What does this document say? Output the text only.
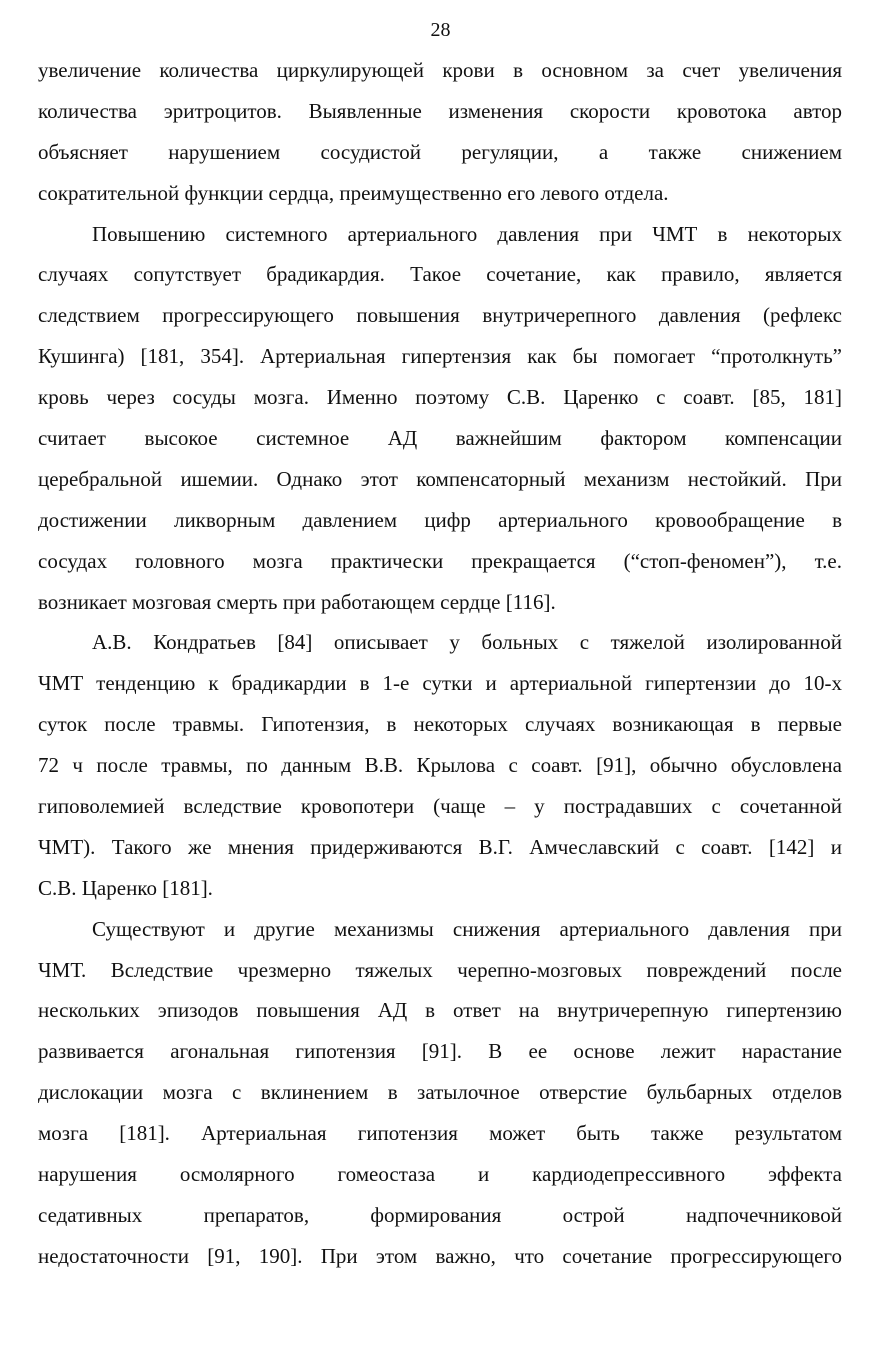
28

увеличение количества циркулирующей крови в основном за счет увеличения
количества эритроцитов. Выявленные изменения скорости кровотока автор
объясняет нарушением сосудистой регуляции, а также снижением
сократительной функции сердца, преимущественно его левого отдела.

Повышению системного артериального давления при ЧМТ в некоторых
случаях сопутствует брадикардия. Такое сочетание, как правило, является
следствием прогрессирующего повышения внутричерепного давления (рефлекс
Кушинга) [181, 354]. Артериальная гипертензия как бы помогает “протолкнуть”
кровь через сосуды мозга. Именно поэтому С.В. Царенко с соавт. [85, 181]
считает высокое системное АД важнейшим фактором компенсации
церебральной ишемии. Однако этот компенсаторный механизм нестойкий. При
достижении ликворным давлением цифр артериального кровообращение в
сосудах головного мозга практически прекращается (“стоп-феномен”), т.е.
возникает мозговая смерть при работающем сердце [116].

А.В. Кондратьев [84] описывает у больных с тяжелой изолированной
ЧМТ тенденцию к брадикардии в 1-е сутки и артериальной гипертензии до 10-х
суток после травмы. Гипотензия, в некоторых случаях возникающая в первые
72 ч после травмы, по данным В.В. Крылова с соавт. [91], обычно обусловлена
гиповолемией вследствие кровопотери (чаще – у пострадавших с сочетанной
ЧМТ). Такого же мнения придерживаются В.Г. Амчеславский с соавт. [142] и
С.В. Царенко [181].

Существуют и другие механизмы снижения артериального давления при
ЧМТ. Вследствие чрезмерно тяжелых черепно-мозговых повреждений после
нескольких эпизодов повышения АД в ответ на внутричерепную гипертензию
развивается агональная гипотензия [91]. В ее основе лежит нарастание
дислокации мозга с вклинением в затылочное отверстие бульбарных отделов
мозга [181]. Артериальная гипотензия может быть также результатом
нарушения осмолярного гомеостаза и кардиодепрессивного эффекта
седативных препаратов, формирования острой надпочечниковой
недостаточности [91, 190]. При этом важно, что сочетание прогрессирующего
